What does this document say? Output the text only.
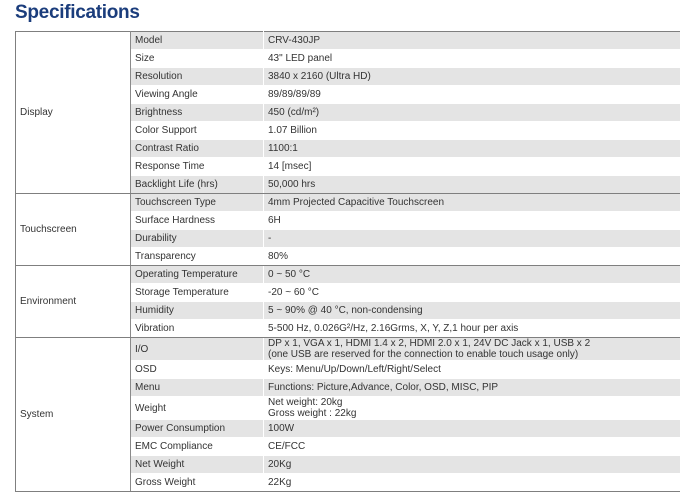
Specifications
Display	Model	CRV-430JP

	Size	43" LED panel

	Resolution	3840 x 2160 (Ultra HD)

	Viewing Angle	89/89/89/89

	Brightness	450 (cd/m²)

	Color Support	1.07 Billion

	Contrast Ratio	1100:1

	Response Time	14 [msec]

	Backlight Life (hrs)	50,000 hrs

Touchscreen	Touchscreen Type	4mm Projected Capacitive Touchscreen

	Surface Hardness	6H

	Durability	-

	Transparency	80%

Environment	Operating Temperature	0 ~ 50 °C

	Storage Temperature	-20 ~ 60 °C

	Humidity	5 ~ 90% @ 40 °C, non-condensing

	Vibration	5-500 Hz, 0.026G²/Hz, 2.16Grms, X, Y, Z,1 hour per axis

System	I/O	DP x 1, VGA x 1, HDMI 1.4 x 2, HDMI 2.0 x 1, 24V DC Jack x 1, USB x 2
(one USB are reserved for the connection to enable touch usage only)

	OSD	Keys: Menu/Up/Down/Left/Right/Select

	Menu	Functions: Picture,Advance, Color, OSD, MISC, PIP

	Weight	Net weight: 20kg
Gross weight : 22kg

	Power Consumption	100W

	EMC Compliance	CE/FCC

	Net Weight	20Kg

	Gross Weight	22Kg
